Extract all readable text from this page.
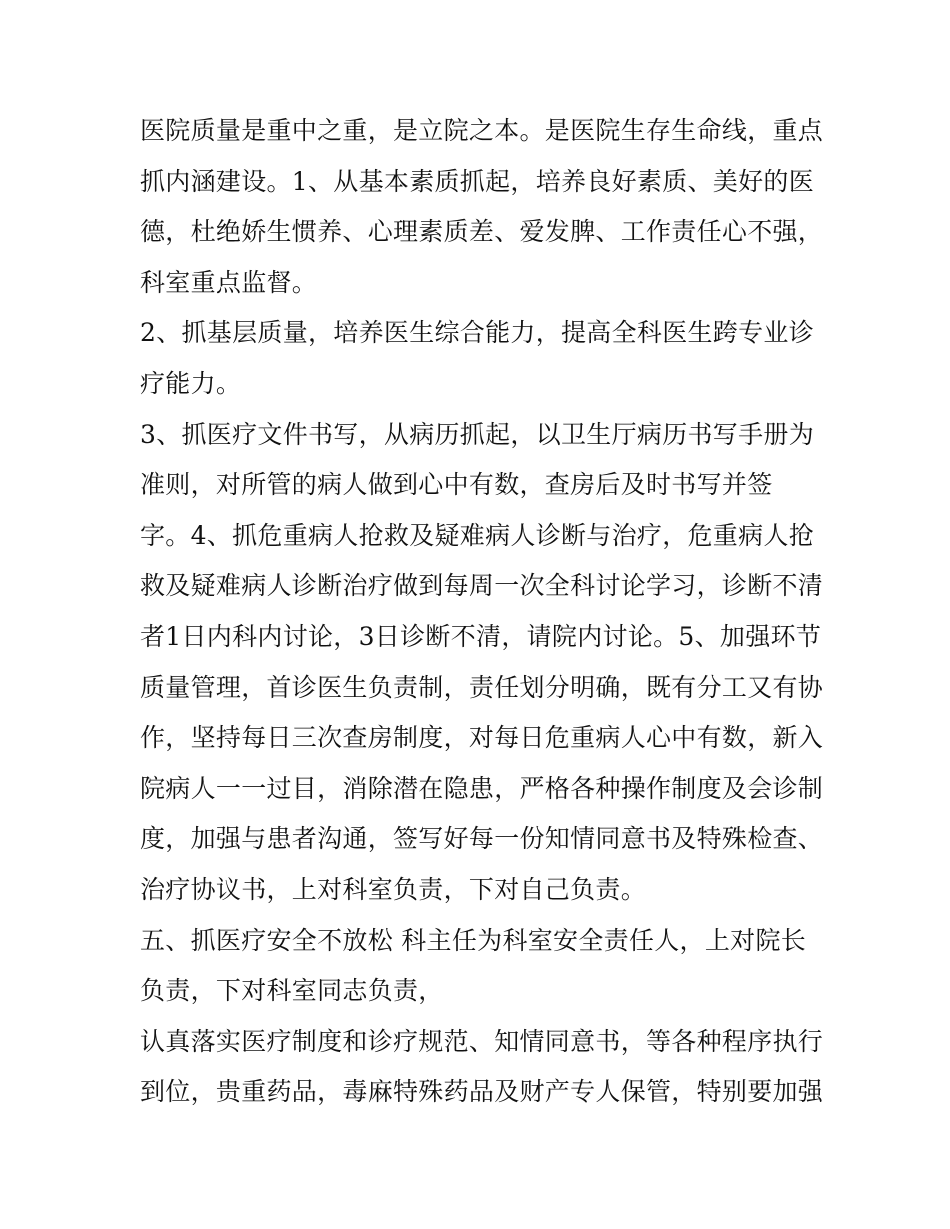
医院质量是重中之重，是立院之本。是医院生存生命线，重点
抓内涵建设。1、从基本素质抓起，培养良好素质、美好的医
德，杜绝娇生惯养、心理素质差、爱发脾、工作责任心不强，
科室重点监督。
2、抓基层质量，培养医生综合能力，提高全科医生跨专业诊
疗能力。
3、抓医疗文件书写，从病历抓起，以卫生厅病历书写手册为
准则，对所管的病人做到心中有数，查房后及时书写并签
字。4、抓危重病人抢救及疑难病人诊断与治疗，危重病人抢
救及疑难病人诊断治疗做到每周一次全科讨论学习，诊断不清
者1日内科内讨论，3日诊断不清，请院内讨论。5、加强环节
质量管理，首诊医生负责制，责任划分明确，既有分工又有协
作，坚持每日三次查房制度，对每日危重病人心中有数，新入
院病人一一过目，消除潜在隐患，严格各种操作制度及会诊制
度，加强与患者沟通，签写好每一份知情同意书及特殊检查、
治疗协议书，上对科室负责，下对自己负责。
五、抓医疗安全不放松 科主任为科室安全责任人，上对院长
负责，下对科室同志负责，
认真落实医疗制度和诊疗规范、知情同意书，等各种程序执行
到位，贵重药品，毒麻特殊药品及财产专人保管，特别要加强
